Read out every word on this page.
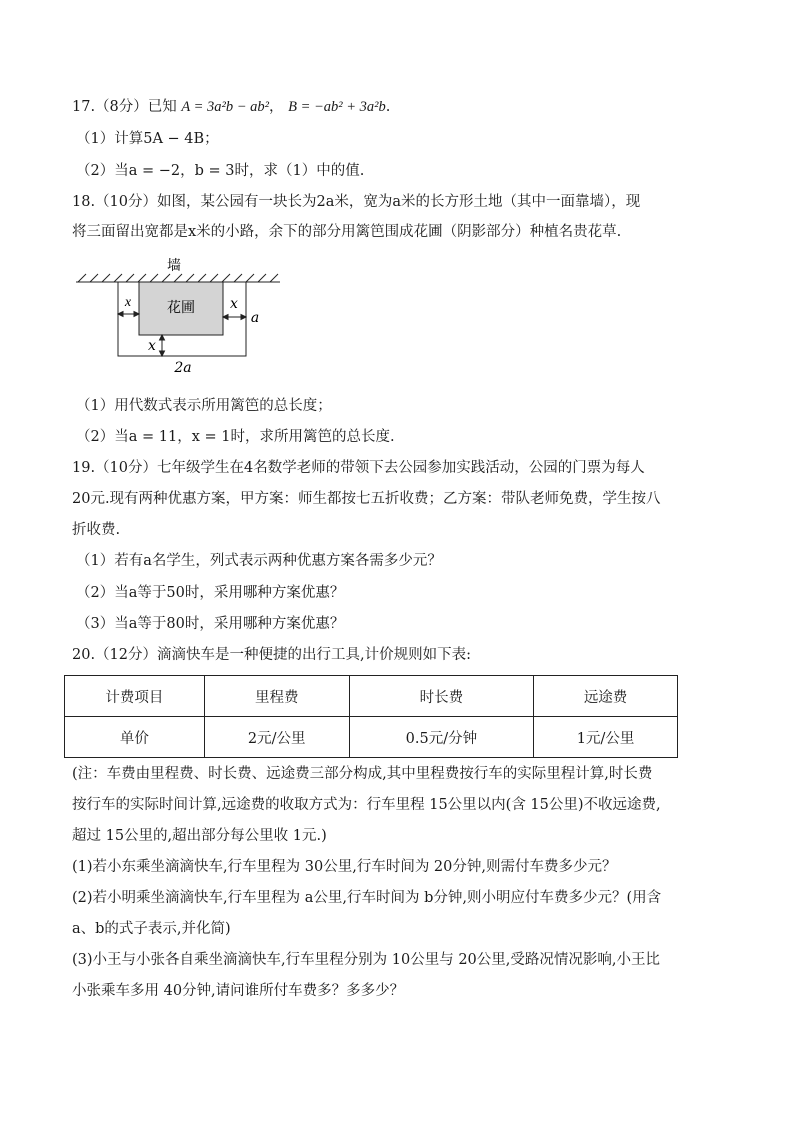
17.（8分）已知 A = 3a²b − ab²， B = −ab² + 3a²b.
（1）计算5A − 4B；
（2）当a = −2，b = 3时，求（1）中的值.
18.（10分）如图，某公园有一块长为2a米，宽为a米的长方形土地（其中一面靠墙），现
将三面留出宽都是x米的小路，余下的部分用篱笆围成花圃（阴影部分）种植名贵花草.
墙
花圃
x	x
x
a
2a
（1）用代数式表示所用篱笆的总长度；
（2）当a = 11，x = 1时，求所用篱笆的总长度.
19.（10分）七年级学生在4名数学老师的带领下去公园参加实践活动，公园的门票为每人
20元.现有两种优惠方案，甲方案：师生都按七五折收费；乙方案：带队老师免费，学生按八
折收费.
（1）若有a名学生，列式表示两种优惠方案各需多少元？
（2）当a等于50时，采用哪种方案优惠？
（3）当a等于80时，采用哪种方案优惠？
20.（12分）滴滴快车是一种便捷的出行工具,计价规则如下表:
计费项目	里程费	时长费	远途费
单价	2元/公里	0.5元/分钟	1元/公里
(注：车费由里程费、时长费、远途费三部分构成,其中里程费按行车的实际里程计算,时长费
按行车的实际时间计算,远途费的收取方式为：行车里程 15公里以内(含 15公里)不收远途费,
超过 15公里的,超出部分每公里收 1元.)
(1)若小东乘坐滴滴快车,行车里程为 30公里,行车时间为 20分钟,则需付车费多少元？
(2)若小明乘坐滴滴快车,行车里程为 a公里,行车时间为 b分钟,则小明应付车费多少元？(用含
a、b的式子表示,并化简)
(3)小王与小张各自乘坐滴滴快车,行车里程分别为 10公里与 20公里,受路况情况影响,小王比
小张乘车多用 40分钟,请问谁所付车费多？多多少？
